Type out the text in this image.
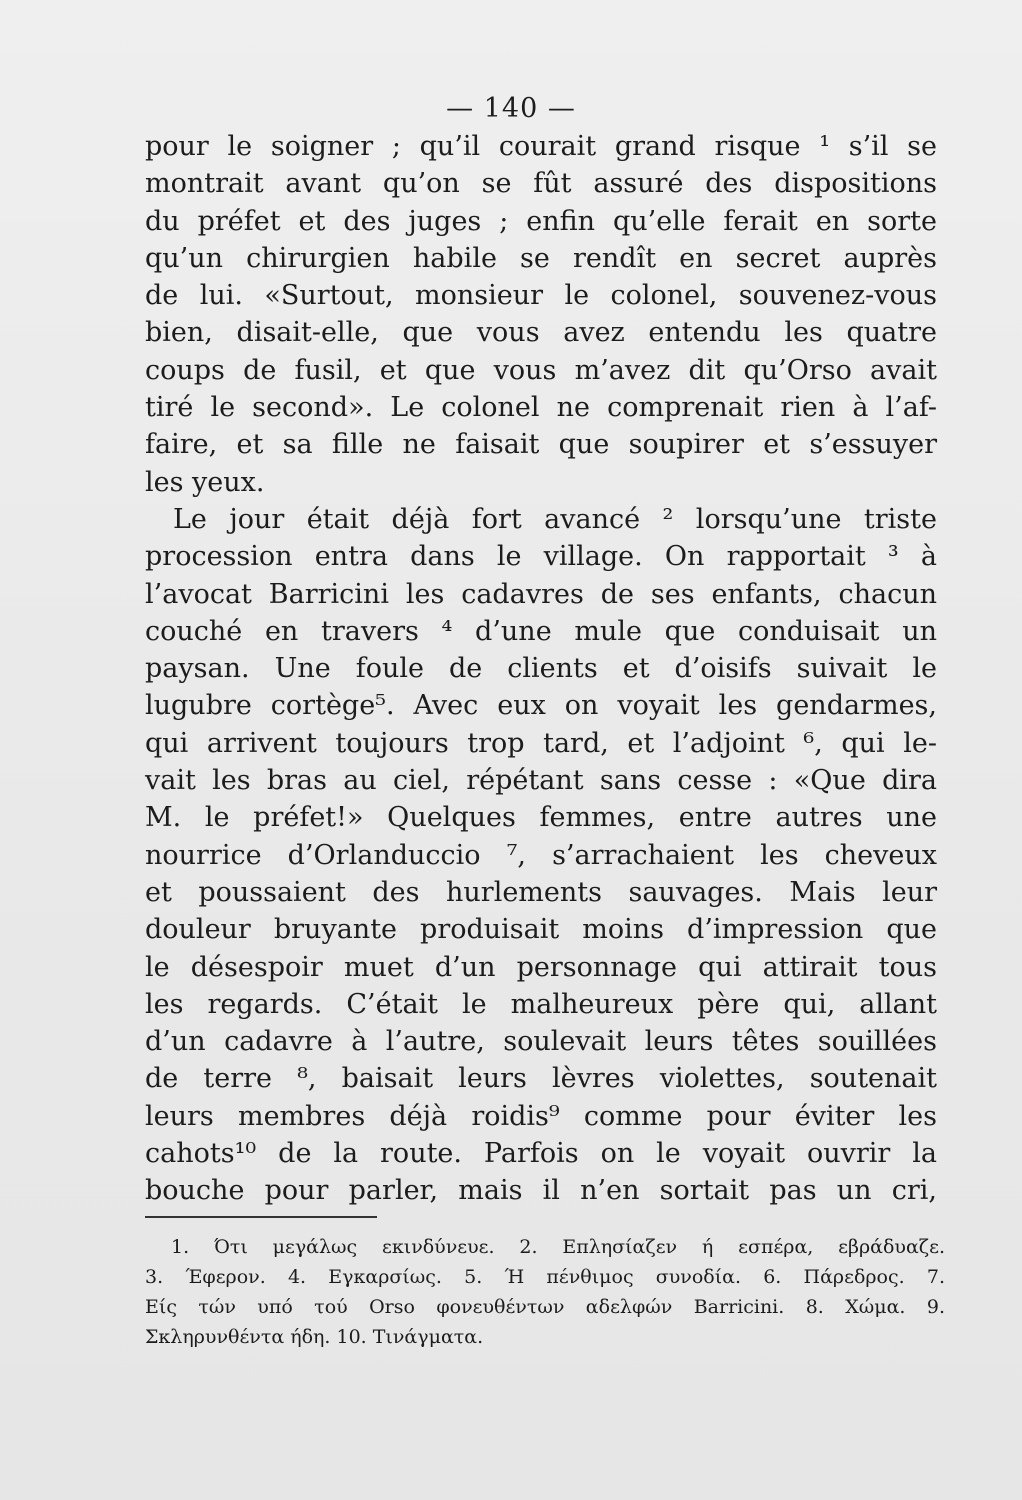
— 140 —
pour le soigner ; qu’il courait grand risque ¹ s’il se
montrait avant qu’on se fût assuré des dispositions
du préfet et des juges ; enfin qu’elle ferait en sorte
qu’un chirurgien habile se rendît en secret auprès
de lui. «Surtout, monsieur le colonel, souvenez-vous
bien, disait-elle, que vous avez entendu les quatre
coups de fusil, et que vous m’avez dit qu’Orso avait
tiré le second». Le colonel ne comprenait rien à l’af-
faire, et sa fille ne faisait que soupirer et s’essuyer
les yeux.
Le jour était déjà fort avancé ² lorsqu’une triste
procession entra dans le village. On rapportait ³ à
l’avocat Barricini les cadavres de ses enfants, chacun
couché en travers ⁴ d’une mule que conduisait un
paysan. Une foule de clients et d’oisifs suivait le
lugubre cortège⁵. Avec eux on voyait les gendarmes,
qui arrivent toujours trop tard, et l’adjoint ⁶, qui le-
vait les bras au ciel, répétant sans cesse : «Que dira
M. le préfet!» Quelques femmes, entre autres une
nourrice d’Orlanduccio ⁷, s’arrachaient les cheveux
et poussaient des hurlements sauvages. Mais leur
douleur bruyante produisait moins d’impression que
le désespoir muet d’un personnage qui attirait tous
les regards. C’était le malheureux père qui, allant
d’un cadavre à l’autre, soulevait leurs têtes souillées
de terre ⁸, baisait leurs lèvres violettes, soutenait
leurs membres déjà roidis⁹ comme pour éviter les
cahots¹⁰ de la route. Parfois on le voyait ouvrir la
bouche pour parler, mais il n’en sortait pas un cri,
1. Ότι μεγάλως εκινδύνευε. 2. Επλησίαζεν ή εσπέρα, εβράδυαζε.
3. Έφερον. 4. Εγκαρσίως. 5. Ή πένθιμος συνοδία. 6. Πάρεδρος. 7.
Είς τών υπό τού Orso φονευθέντων αδελφών Barricini. 8. Χώμα. 9.
Σκληρυνθέντα ήδη. 10. Τινάγματα.
